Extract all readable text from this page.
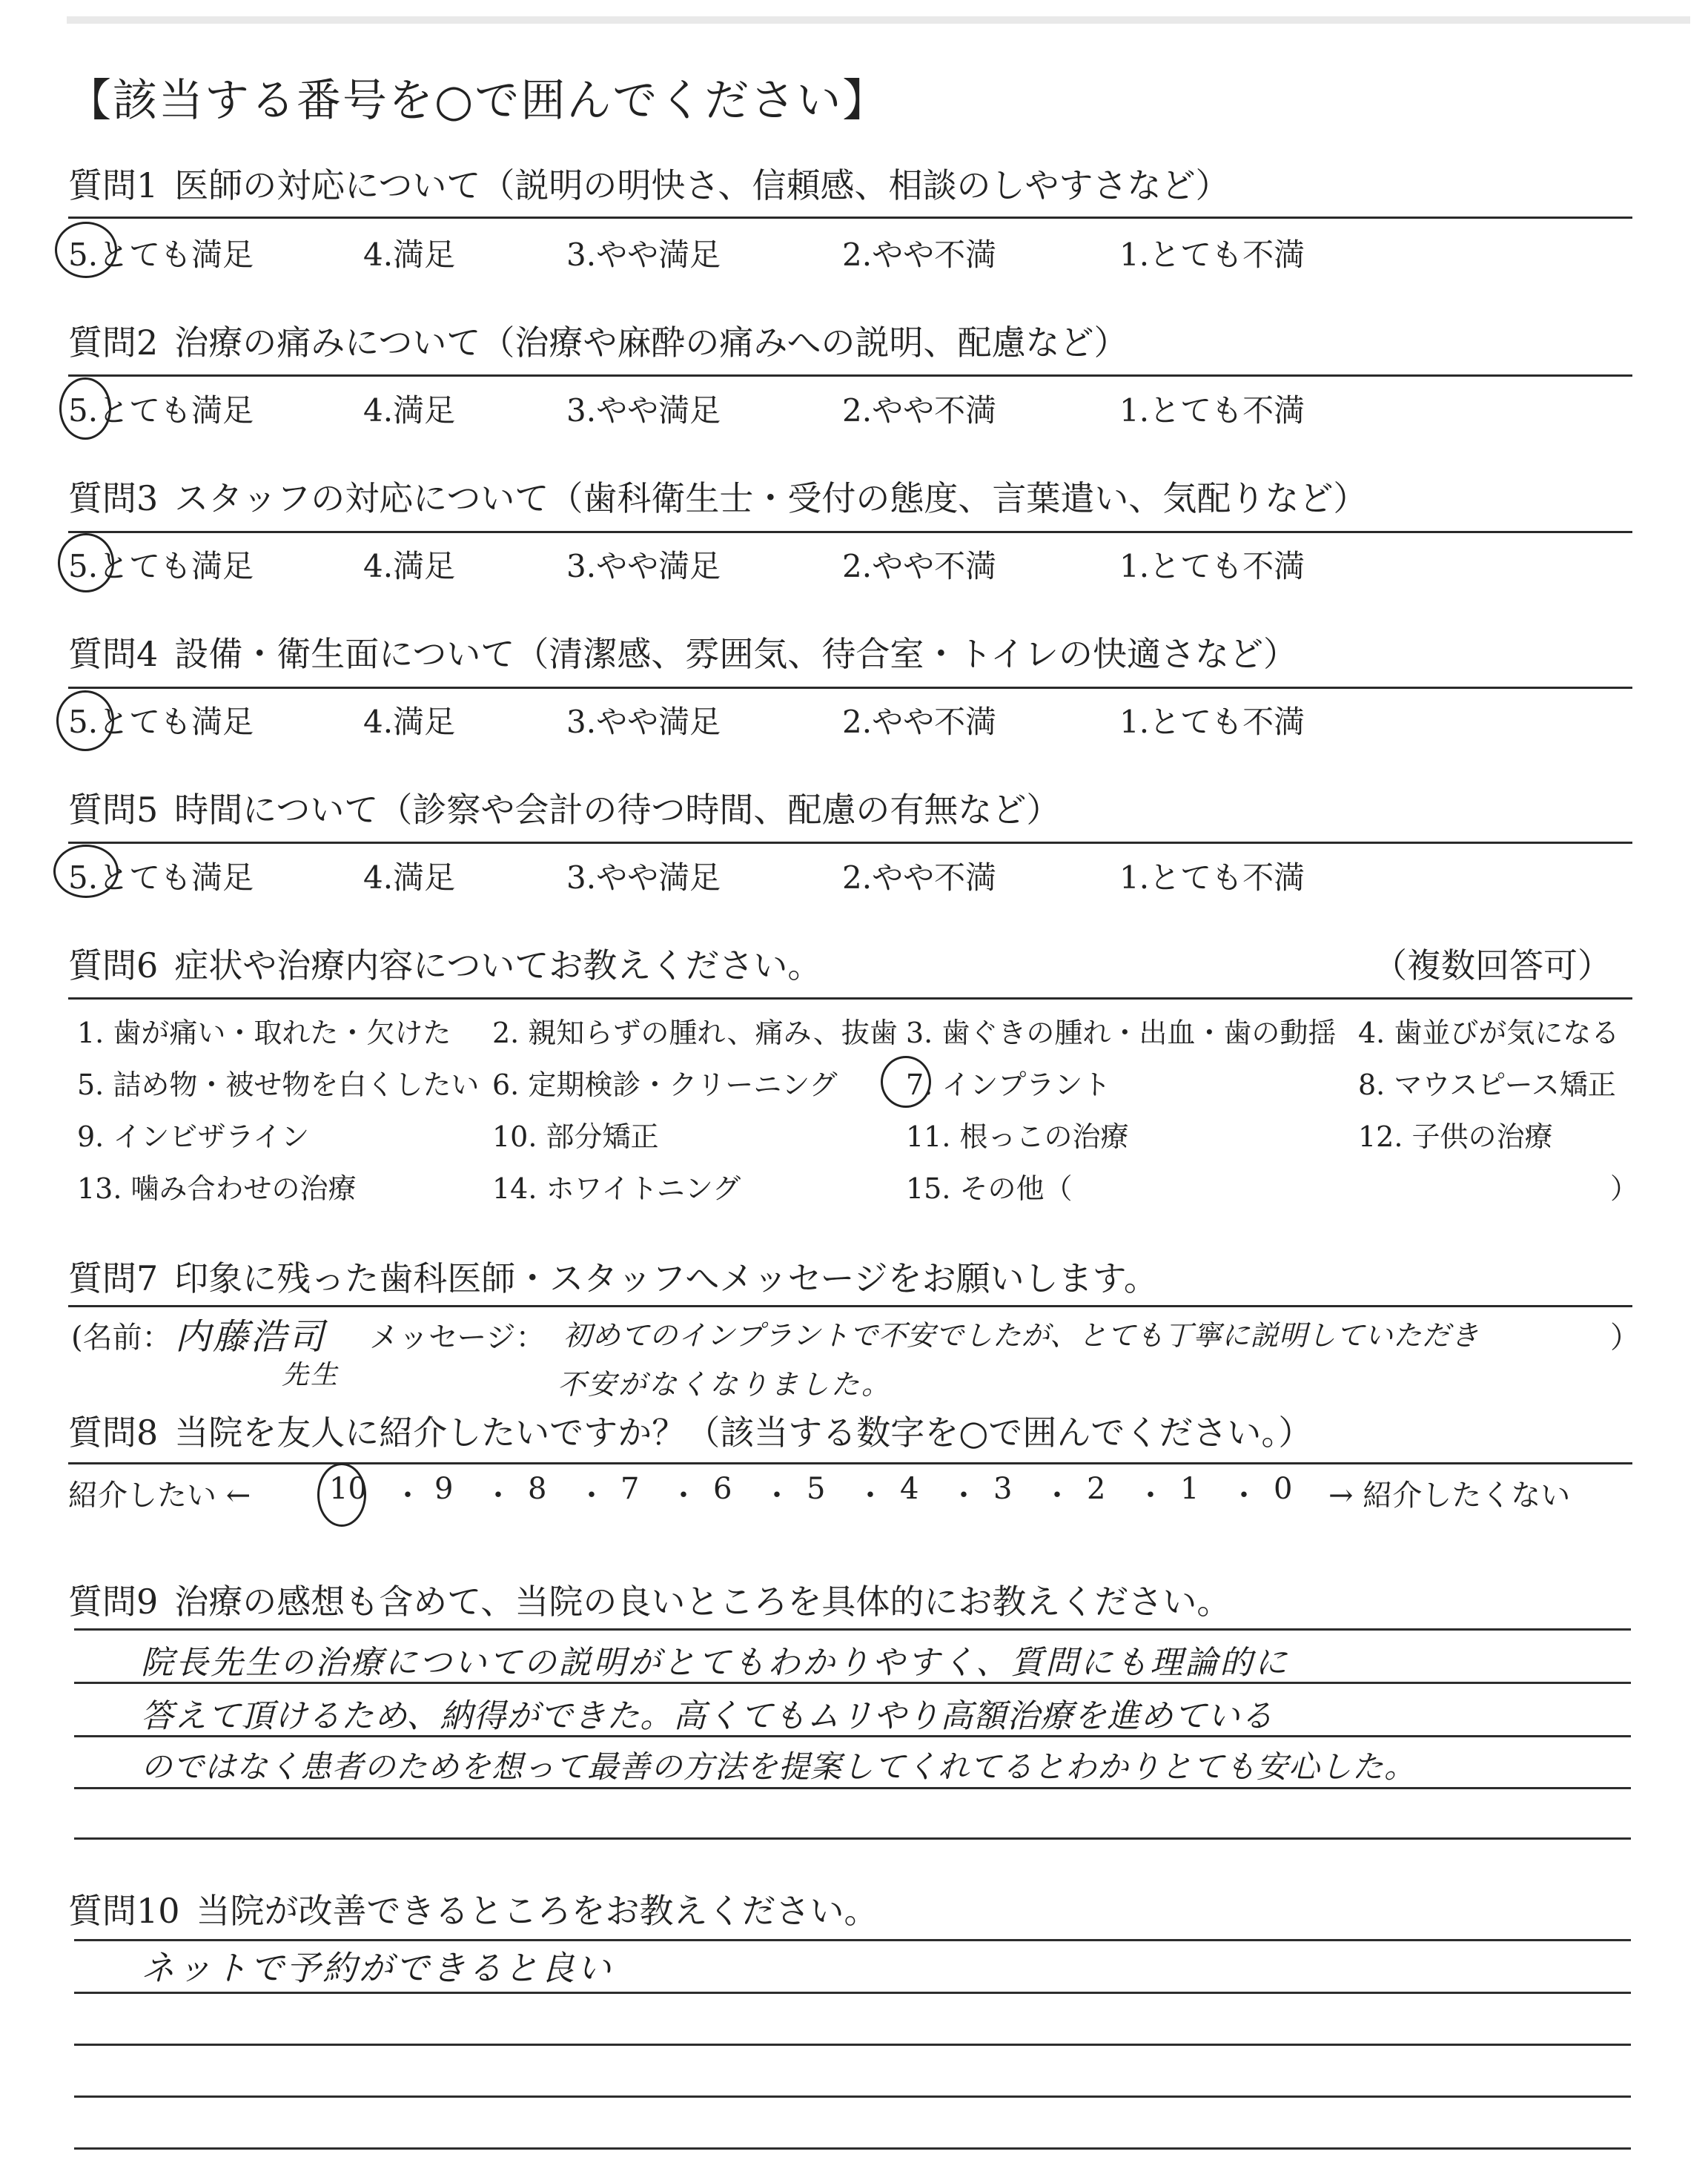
【該当する番号を○で囲んでください】
質問1 医師の対応について（説明の明快さ、信頼感、相談のしやすさなど）
5.とても満足	4.満足	3.やや満足	2.やや不満	1.とても不満
質問2 治療の痛みについて（治療や麻酔の痛みへの説明、配慮など）
5.とても満足	4.満足	3.やや満足	2.やや不満	1.とても不満
質問3 スタッフの対応について（歯科衛生士・受付の態度、言葉遣い、気配りなど）
5.とても満足	4.満足	3.やや満足	2.やや不満	1.とても不満
質問4 設備・衛生面について（清潔感、雰囲気、待合室・トイレの快適さなど）
5.とても満足	4.満足	3.やや満足	2.やや不満	1.とても不満
質問5 時間について（診察や会計の待つ時間、配慮の有無など）
5.とても満足	4.満足	3.やや満足	2.やや不満	1.とても不満
質問6 症状や治療内容についてお教えください。	（複数回答可）
1. 歯が痛い・取れた・欠けた 2. 親知らずの腫れ、痛み、抜歯 3. 歯ぐきの腫れ・出血・歯の動揺 4. 歯並びが気になる
5. 詰め物・被せ物を白くしたい 6. 定期検診・クリーニング 7. インプラント	8. マウスピース矯正
9. インビザライン	10. 部分矯正	11. 根っこの治療	12. 子供の治療
13. 噛み合わせの治療	14. ホワイトニング	15. その他（	）
質問7 印象に残った歯科医師・スタッフへメッセージをお願いします。
(名前： 内藤浩司
先生
メッセージ： 初めてのインプラントで不安でしたが、とても丁寧に説明していただき
不安がなくなりました。
）
質問8 当院を友人に紹介したいですか？（該当する数字を○で囲んでください。）
紹介したい ←	10 ・ 9 ・ 8 ・ 7 ・ 6 ・ 5 ・ 4 ・ 3 ・ 2 ・ 1 ・ 0 → 紹介したくない
質問9 治療の感想も含めて、当院の良いところを具体的にお教えください。
院長先生の治療についての説明がとてもわかりやすく、質問にも理論的に
答えて頂けるため、納得ができた。高くてもムリやり高額治療を進めている
のではなく患者のためを想って最善の方法を提案してくれてるとわかりとても安心した。
質問10 当院が改善できるところをお教えください。
ネットで予約ができると良い
